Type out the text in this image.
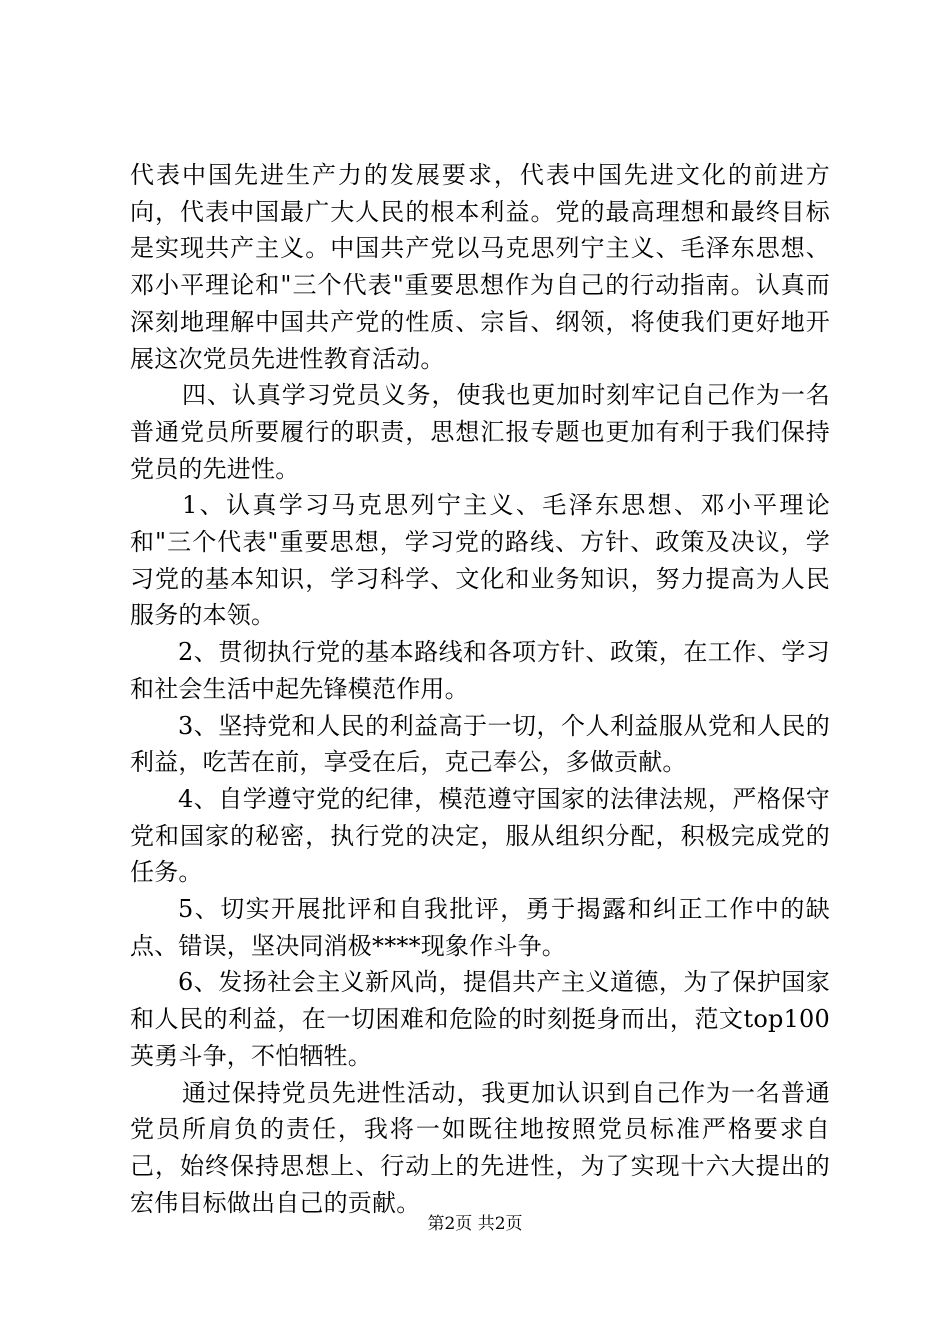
代表中国先进生产力的发展要求，代表中国先进文化的前进方向，代表中国最广大人民的根本利益。党的最高理想和最终目标是实现共产主义。中国共产党以马克思列宁主义、毛泽东思想、邓小平理论和"三个代表"重要思想作为自己的行动指南。认真而深刻地理解中国共产党的性质、宗旨、纲领，将使我们更好地开展这次党员先进性教育活动。

四、认真学习党员义务，使我也更加时刻牢记自己作为一名普通党员所要履行的职责，思想汇报专题也更加有利于我们保持党员的先进性。

1、认真学习马克思列宁主义、毛泽东思想、邓小平理论和"三个代表"重要思想，学习党的路线、方针、政策及决议，学习党的基本知识，学习科学、文化和业务知识，努力提高为人民服务的本领。

2、贯彻执行党的基本路线和各项方针、政策，在工作、学习和社会生活中起先锋模范作用。

3、坚持党和人民的利益高于一切，个人利益服从党和人民的利益，吃苦在前，享受在后，克己奉公，多做贡献。

4、自学遵守党的纪律，模范遵守国家的法律法规，严格保守党和国家的秘密，执行党的决定，服从组织分配，积极完成党的任务。

5、切实开展批评和自我批评，勇于揭露和纠正工作中的缺点、错误，坚决同消极****现象作斗争。

6、发扬社会主义新风尚，提倡共产主义道德，为了保护国家和人民的利益，在一切困难和危险的时刻挺身而出，范文top100英勇斗争，不怕牺牲。

通过保持党员先进性活动，我更加认识到自己作为一名普通党员所肩负的责任，我将一如既往地按照党员标准严格要求自己，始终保持思想上、行动上的先进性，为了实现十六大提出的宏伟目标做出自己的贡献。

第2页 共2页
